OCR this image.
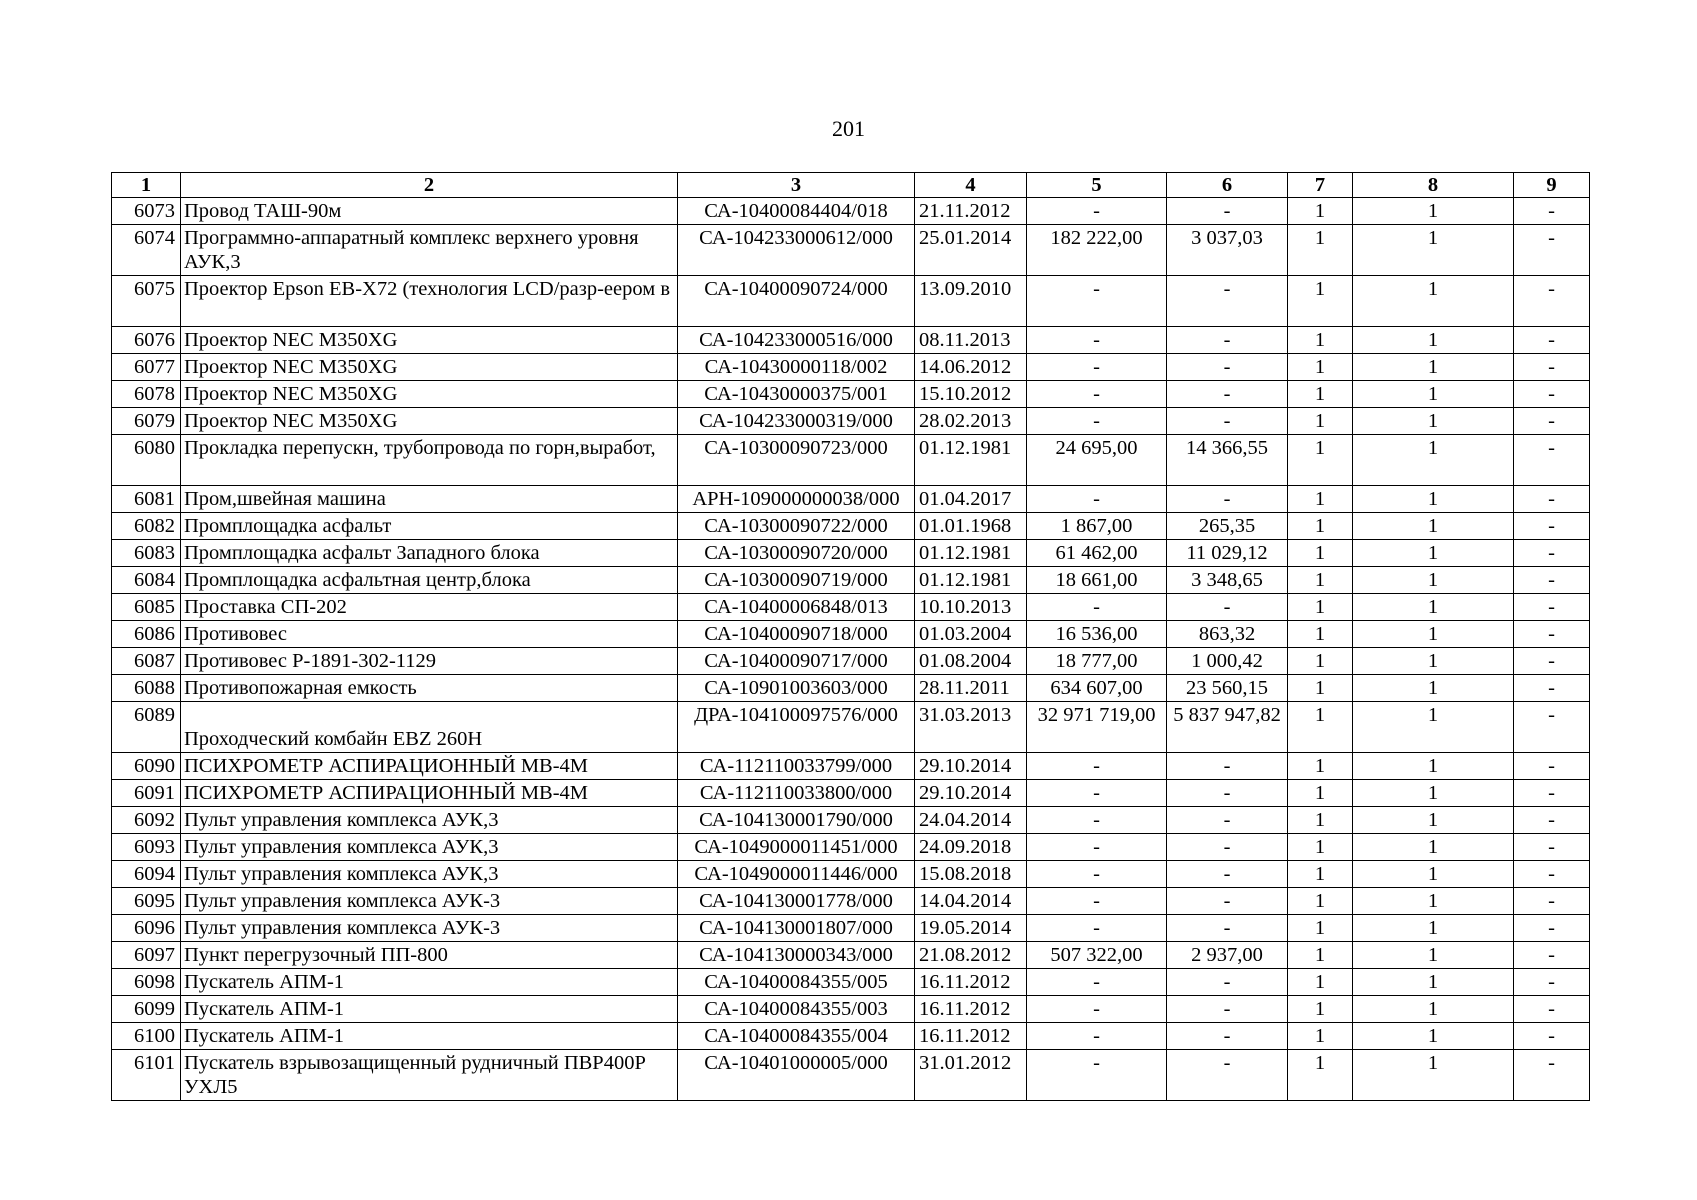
201
1	2	3	4	5	6	7	8	9
6073	Провод ТАШ-90м	СА-10400084404/018	21.11.2012	-	-	1	1	-
6074	Программно-аппаратный комплекс верхнего уровня АУК,3	СА-104233000612/000	25.01.2014	182 222,00	3 037,03	1	1	-
6075	Проектор Epson EB-X72 (технология LCD/разр-еером в	СА-10400090724/000	13.09.2010	-	-	1	1	-
6076	Проектор NEC M350XG	СА-104233000516/000	08.11.2013	-	-	1	1	-
6077	Проектор NEC M350XG	СА-10430000118/002	14.06.2012	-	-	1	1	-
6078	Проектор NEC M350XG	СА-10430000375/001	15.10.2012	-	-	1	1	-
6079	Проектор NEC M350XG	СА-104233000319/000	28.02.2013	-	-	1	1	-
6080	Прокладка перепускн, трубопровода по горн,выработ,	СА-10300090723/000	01.12.1981	24 695,00	14 366,55	1	1	-
6081	Пром,швейная машина	АРН-109000000038/000	01.04.2017	-	-	1	1	-
6082	Промплощадка асфальт	СА-10300090722/000	01.01.1968	1 867,00	265,35	1	1	-
6083	Промплощадка асфальт Западного блока	СА-10300090720/000	01.12.1981	61 462,00	11 029,12	1	1	-
6084	Промплощадка асфальтная центр,блока	СА-10300090719/000	01.12.1981	18 661,00	3 348,65	1	1	-
6085	Проставка СП-202	СА-10400006848/013	10.10.2013	-	-	1	1	-
6086	Противовес	СА-10400090718/000	01.03.2004	16 536,00	863,32	1	1	-
6087	Противовес Р-1891-302-1129	СА-10400090717/000	01.08.2004	18 777,00	1 000,42	1	1	-
6088	Противопожарная емкость	СА-10901003603/000	28.11.2011	634 607,00	23 560,15	1	1	-
6089	Проходческий комбайн EBZ 260H	ДРА-104100097576/000	31.03.2013	32 971 719,00	5 837 947,82	1	1	-
6090	ПСИХРОМЕТР АСПИРАЦИОННЫЙ МВ-4М	СА-112110033799/000	29.10.2014	-	-	1	1	-
6091	ПСИХРОМЕТР АСПИРАЦИОННЫЙ МВ-4М	СА-112110033800/000	29.10.2014	-	-	1	1	-
6092	Пульт управления комплекса АУК,3	СА-104130001790/000	24.04.2014	-	-	1	1	-
6093	Пульт управления комплекса АУК,3	СА-1049000011451/000	24.09.2018	-	-	1	1	-
6094	Пульт управления комплекса АУК,3	СА-1049000011446/000	15.08.2018	-	-	1	1	-
6095	Пульт управления комплекса АУК-3	СА-104130001778/000	14.04.2014	-	-	1	1	-
6096	Пульт управления комплекса АУК-3	СА-104130001807/000	19.05.2014	-	-	1	1	-
6097	Пункт перегрузочный ПП-800	СА-104130000343/000	21.08.2012	507 322,00	2 937,00	1	1	-
6098	Пускатель АПМ-1	СА-10400084355/005	16.11.2012	-	-	1	1	-
6099	Пускатель АПМ-1	СА-10400084355/003	16.11.2012	-	-	1	1	-
6100	Пускатель АПМ-1	СА-10400084355/004	16.11.2012	-	-	1	1	-
6101	Пускатель взрывозащищенный рудничный ПВР400Р УХЛ5	СА-10401000005/000	31.01.2012	-	-	1	1	-
